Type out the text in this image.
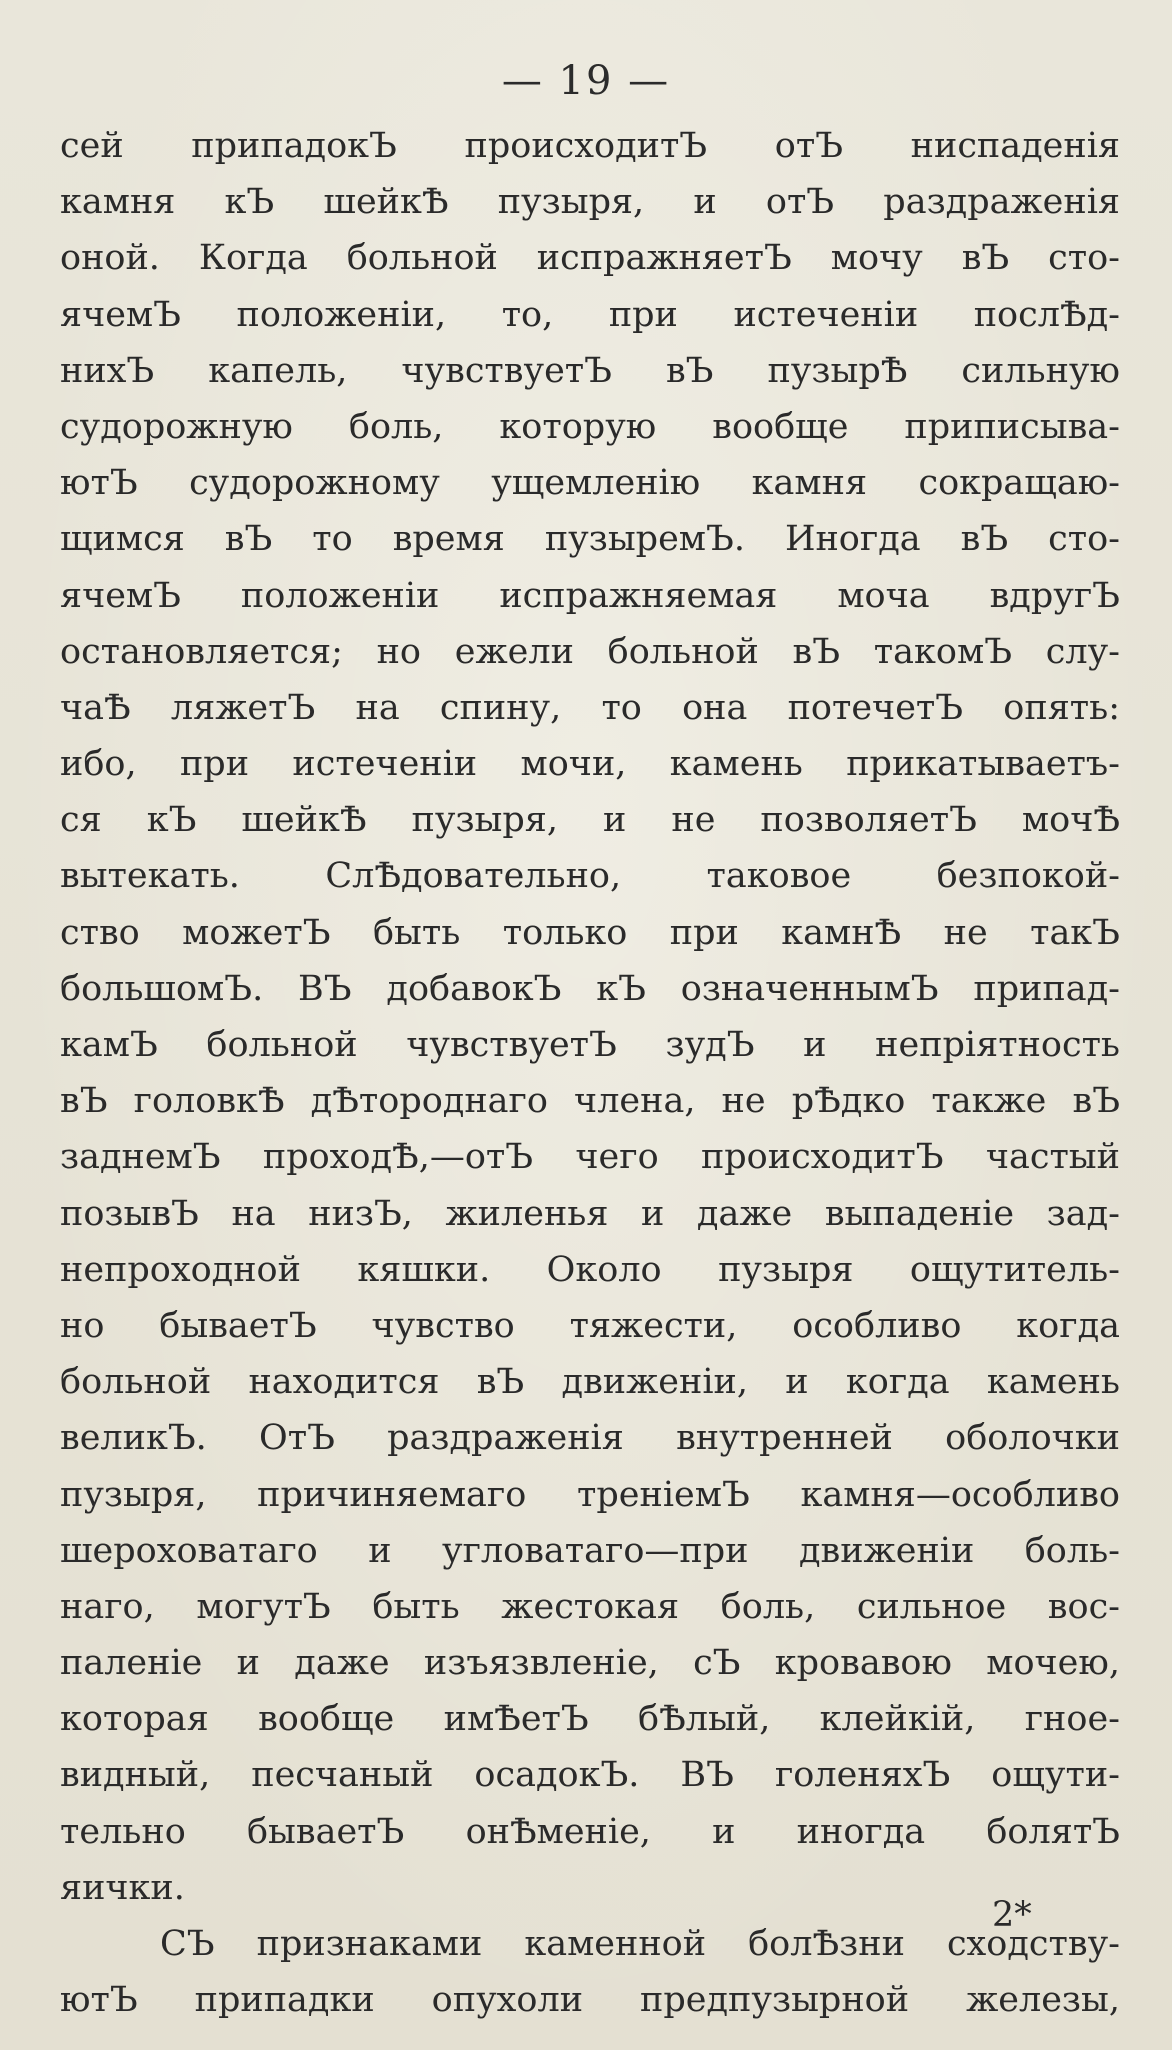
— 19 —
сей припадокЪ происходитЪ отЪ ниспаденія
камня кЪ шейкѢ пузыря, и отЪ раздраженія
оной. Когда больной испражняетЪ мочу вЪ сто-
ячемЪ положеніи, то, при истеченіи послѢд-
нихЪ капель, чувствуетЪ вЪ пузырѢ сильную
судорожную боль, которую вообще приписыва-
ютЪ судорожному ущемленію камня сокращаю-
щимся вЪ то время пузыремЪ. Иногда вЪ сто-
ячемЪ положеніи испражняемая моча вдругЪ
остановляется; но ежели больной вЪ такомЪ слу-
чаѢ ляжетЪ на спину, то она потечетЪ опять:
ибо, при истеченіи мочи, камень прикатываетъ-
ся кЪ шейкѢ пузыря, и не позволяетЪ мочѢ
вытекать. СлѢдовательно, таковое безпокой-
ство можетЪ быть только при камнѢ не такЪ
большомЪ. ВЪ добавокЪ кЪ означеннымЪ припад-
камЪ больной чувствуетЪ зудЪ и непріятность
вЪ головкѢ дѢтороднаго члена, не рѢдко также вЪ
заднемЪ проходѢ,—отЪ чего происходитЪ частый
позывЪ на низЪ, жиленья и даже выпаденіе зад-
непроходной кяшки. Около пузыря ощутитель-
но бываетЪ чувство тяжести, особливо когда
больной находится вЪ движеніи, и когда камень
великЪ. ОтЪ раздраженія внутренней оболочки
пузыря, причиняемаго треніемЪ камня—особливо
шероховатаго и угловатаго—при движеніи боль-
наго, могутЪ быть жестокая боль, сильное вос-
паленіе и даже изъязвленіе, сЪ кровавою мочею,
которая вообще имѢетЪ бѢлый, клейкій, гное-
видный, песчаный осадокЪ. ВЪ голеняхЪ ощути-
тельно бываетЪ онѢменіе, и иногда болятЪ
яички.
СЪ признаками каменной болѢзни сходству-
ютЪ припадки опухоли предпузырной железы,
2*
